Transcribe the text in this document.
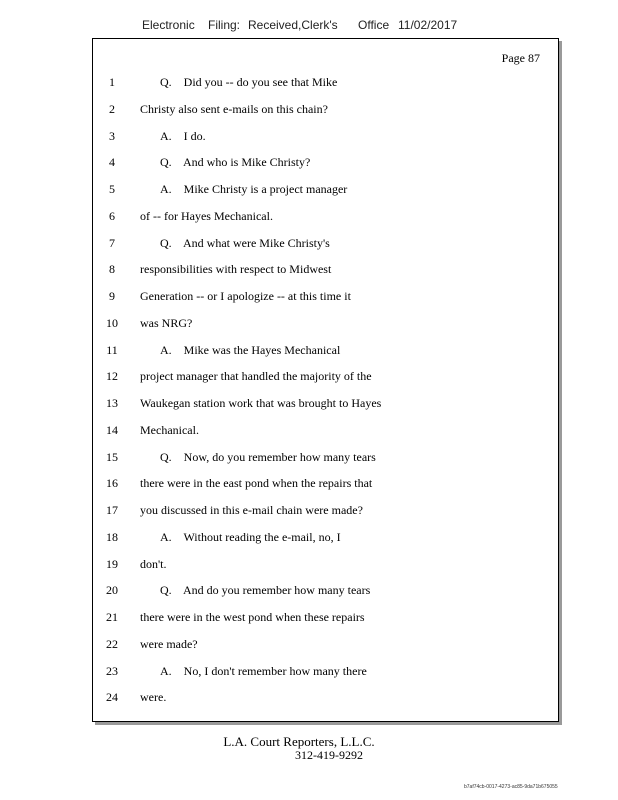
Electronic Filing: Received,Clerk's Office 11/02/2017
Page 87
1	Q.    Did you -- do you see that Mike
2	Christy also sent e-mails on this chain?
3	A.    I do.
4	Q.    And who is Mike Christy?
5	A.    Mike Christy is a project manager
6	of -- for Hayes Mechanical.
7	Q.    And what were Mike Christy's
8	responsibilities with respect to Midwest
9	Generation -- or I apologize -- at this time it
10	was NRG?
11	A.    Mike was the Hayes Mechanical
12	project manager that handled the majority of the
13	Waukegan station work that was brought to Hayes
14	Mechanical.
15	Q.    Now, do you remember how many tears
16	there were in the east pond when the repairs that
17	you discussed in this e-mail chain were made?
18	A.    Without reading the e-mail, no, I
19	don't.
20	Q.    And do you remember how many tears
21	there were in the west pond when these repairs
22	were made?
23	A.    No, I don't remember how many there
24	were.
L.A. Court Reporters, L.L.C.
312-419-9292
b7af74cb-0017-4273-ac85-9da71b675055
